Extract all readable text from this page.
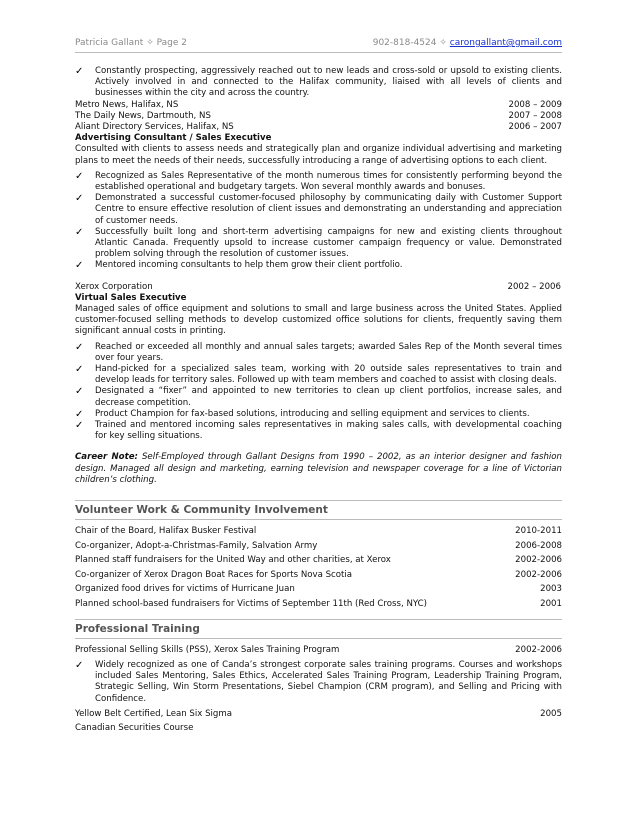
Patricia Gallant ✧ Page 2	902-818-4524 ✧ carongallant@gmail.com
✓	Constantly prospecting, aggressively reached out to new leads and cross-sold or upsold to existing clients. Actively involved in and connected to the Halifax community, liaised with all levels of clients and businesses within the city and across the country.
Metro News, Halifax, NS	2008 – 2009
The Daily News, Dartmouth, NS	2007 – 2008
Aliant Directory Services, Halifax, NS	2006 – 2007
Advertising Consultant / Sales Executive
Consulted with clients to assess needs and strategically plan and organize individual advertising and marketing plans to meet the needs of their needs, successfully introducing a range of advertising options to each client.
✓	Recognized as Sales Representative of the month numerous times for consistently performing beyond the established operational and budgetary targets. Won several monthly awards and bonuses.
✓	Demonstrated a successful customer-focused philosophy by communicating daily with Customer Support Centre to ensure effective resolution of client issues and demonstrating an understanding and appreciation of customer needs.
✓	Successfully built long and short-term advertising campaigns for new and existing clients throughout Atlantic Canada. Frequently upsold to increase customer campaign frequency or value. Demonstrated problem solving through the resolution of customer issues.
✓	Mentored incoming consultants to help them grow their client portfolio.
Xerox Corporation	2002 – 2006
Virtual Sales Executive
Managed sales of office equipment and solutions to small and large business across the United States. Applied customer-focused selling methods to develop customized office solutions for clients, frequently saving them significant annual costs in printing.
✓	Reached or exceeded all monthly and annual sales targets; awarded Sales Rep of the Month several times over four years.
✓	Hand-picked for a specialized sales team, working with 20 outside sales representatives to train and develop leads for territory sales. Followed up with team members and coached to assist with closing deals.
✓	Designated a “fixer” and appointed to new territories to clean up client portfolios, increase sales, and decrease competition.
✓	Product Champion for fax-based solutions, introducing and selling equipment and services to clients.
✓	Trained and mentored incoming sales representatives in making sales calls, with developmental coaching for key selling situations.
Career Note: Self-Employed through Gallant Designs from 1990 – 2002, as an interior designer and fashion design. Managed all design and marketing, earning television and newspaper coverage for a line of Victorian children’s clothing.
Volunteer Work & Community Involvement
Chair of the Board, Halifax Busker Festival	2010-2011
Co-organizer, Adopt-a-Christmas-Family, Salvation Army	2006-2008
Planned staff fundraisers for the United Way and other charities, at Xerox	2002-2006
Co-organizer of Xerox Dragon Boat Races for Sports Nova Scotia	2002-2006
Organized food drives for victims of Hurricane Juan	2003
Planned school-based fundraisers for Victims of September 11th (Red Cross, NYC)	2001
Professional Training
Professional Selling Skills (PSS), Xerox Sales Training Program	2002-2006
✓	Widely recognized as one of Canda’s strongest corporate sales training programs. Courses and workshops included Sales Mentoring, Sales Ethics, Accelerated Sales Training Program, Leadership Training Program, Strategic Selling, Win Storm Presentations, Siebel Champion (CRM program), and Selling and Pricing with Confidence.
Yellow Belt Certified, Lean Six Sigma	2005
Canadian Securities Course
